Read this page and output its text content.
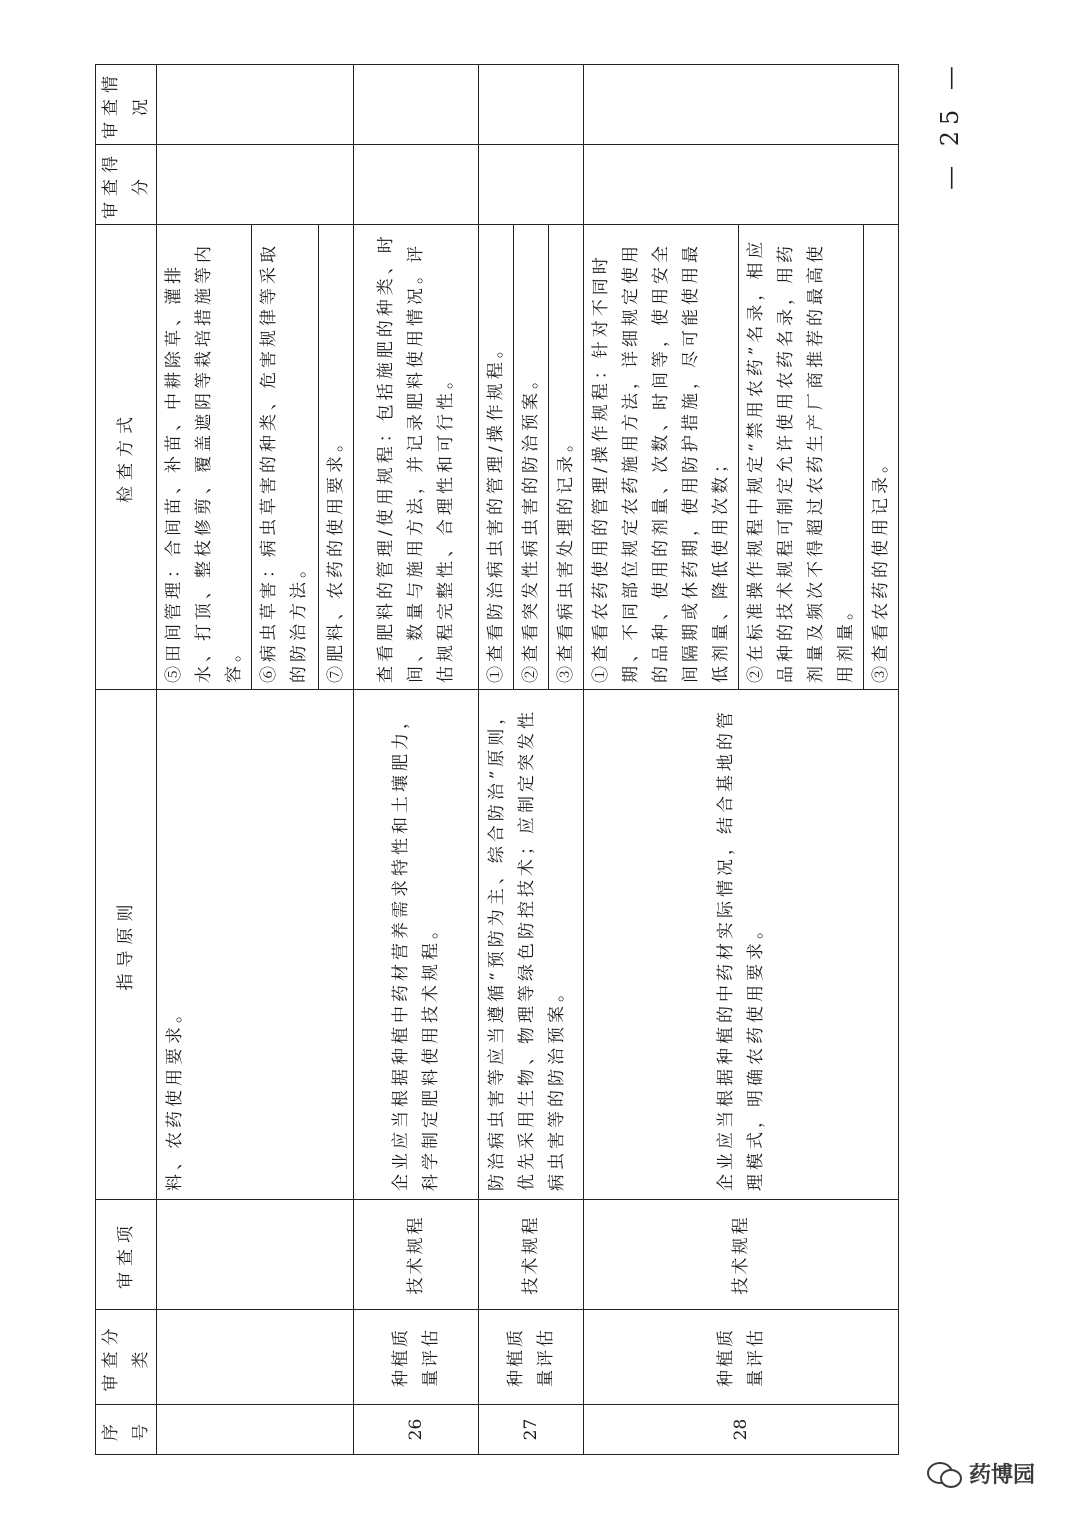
序号	审查分类	审查项	指导原则	检查方式	审查得分	审查情况
			料、农药使用要求。	⑤田间管理：合间苗、补苗、中耕除草、灌排水、打顶、整枝修剪、覆盖遮阴等栽培措施等内容。		
				⑥病虫草害：病虫草害的种类、危害规律等采取的防治方法。		
				⑦肥料、农药的使用要求。		
26	种植质量评估	技术规程	企业应当根据种植中药材营养需求特性和土壤肥力，科学制定肥料使用技术规程。	查看肥料的管理/使用规程：包括施肥的种类、时间、数量与施用方法，并记录肥料使用情况。评估规程完整性、合理性和可行性。		
27	种植质量评估	技术规程	防治病虫害等应当遵循“预防为主、综合防治”原则，优先采用生物、物理等绿色防控技术；应制定突发性病虫害等的防治预案。	①查看防治病虫害的管理/操作规程。		
				②查看突发性病虫害的防治预案。		
				③查看病虫害处理的记录。		
28	种植质量评估	技术规程	企业应当根据种植的中药材实际情况，结合基地的管理模式，明确农药使用要求。	①查看农药使用的管理/操作规程：针对不同时期、不同部位规定农药施用方法，详细规定使用的品种、使用的剂量、次数、时间等，使用安全间隔期或休药期，使用防护措施，尽可能使用最低剂量、降低使用次数；		
				②在标准操作规程中规定“禁用农药”名录，相应品种的技术规程可制定允许使用农药名录，用药剂量及频次不得超过农药生产厂商推荐的最高使用剂量。		
				③查看农药的使用记录。		
— 25 —
药博园
